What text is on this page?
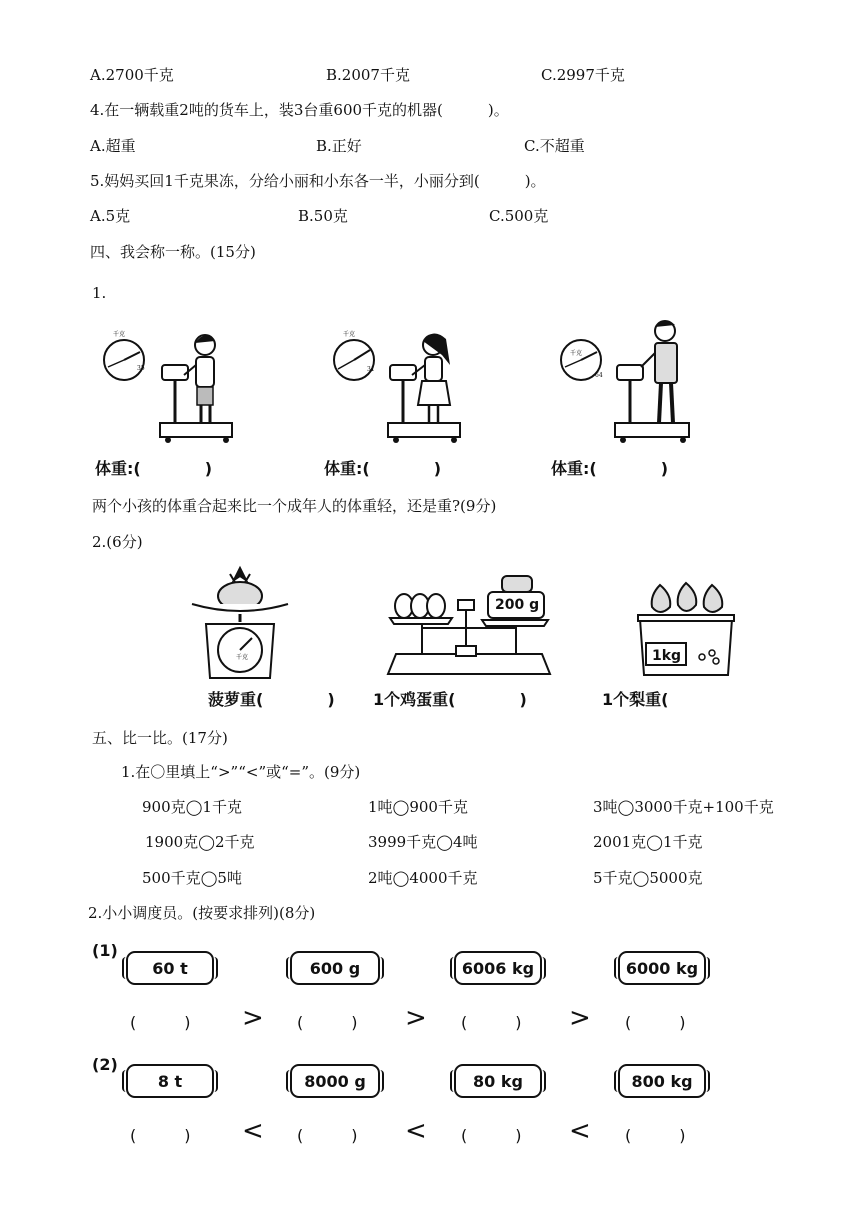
A.2700千克	B.2007千克	C.2997千克
4.在一辆载重2吨的货车上，装3台重600千克的机器(　　　)。
A.超重	B.正好	C.不超重
5.妈妈买回1千克果冻，分给小丽和小东各一半，小丽分到(　　　)。
A.5克	B.50克	C.500克
四、我会称一称。(15分)
1.
千克
35
千克
31
千克
64
体重:(　　　　)	体重:(　　　　)	体重:(　　　　)
两个小孩的体重合起来比一个成年人的体重轻，还是重?(9分)
2.(6分)
千克
200 g
1kg
菠萝重(　　　　) 1个鸡蛋重(　　　　)	1个梨重(
五、比一比。(17分)
1.在〇里填上“>”“<”或“=”。(9分)
900克◯1千克	1吨◯900千克	3吨◯3000千克+100千克
1900克◯2千克	3999千克◯4吨	2001克◯1千克
500千克◯5吨	2吨◯4000千克	5千克◯5000克
2.小小调度员。(按要求排列)(8分)
(1)
60 t	600 g	6006 kg	6000 kg
(　　　) > (　　　) > (　　　) > (　　　)
(2)
8 t	8000 g	80 kg	800 kg
(　　　) < (　　　) < (　　　) < (　　　)
